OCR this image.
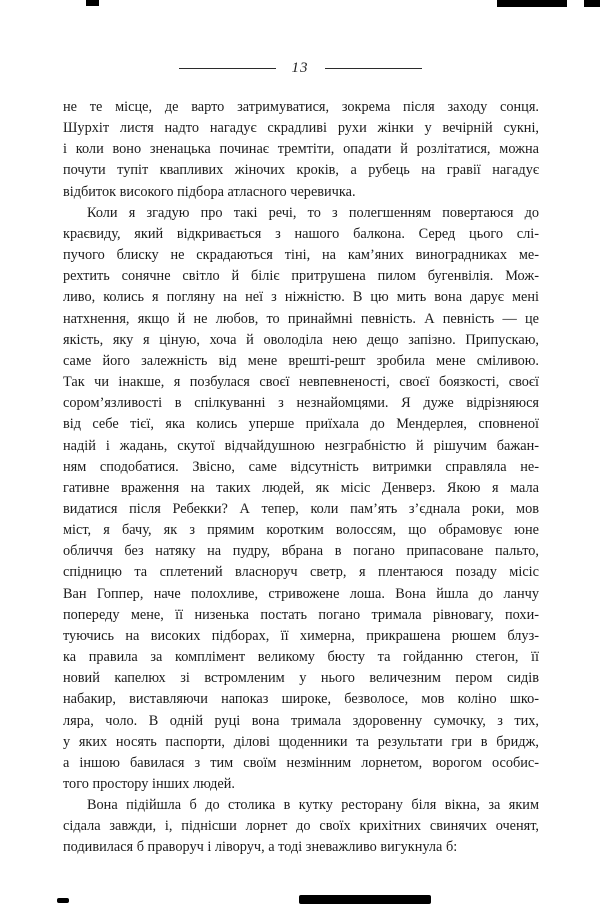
13
не те місце, де варто затримуватися, зокрема після заходу сонця.
Шурхіт листя надто нагадує скрадливі рухи жінки у вечірній сукні,
і коли воно зненацька починає тремтіти, опадати й розлітатися, можна
почути тупіт квапливих жіночих кроків, а рубець на гравії нагадує
відбиток високого підбора атласного черевичка.
Коли я згадую про такі речі, то з полегшенням повертаюся до
краєвиду, який відкривається з нашого балкона. Серед цього слі-
пучого блиску не скрадаються тіні, на кам’яних виноградниках ме-
рехтить сонячне світло й біліє притрушена пилом бугенвілія. Мож-
ливо, колись я погляну на неї з ніжністю. В цю мить вона дарує мені
натхнення, якщо й не любов, то принаймні певність. А певність — це
якість, яку я ціную, хоча й оволоділа нею дещо запізно. Припускаю,
саме його залежність від мене врешті-решт зробила мене сміливою.
Так чи інакше, я позбулася своєї невпевненості, своєї боязкості, своєї
сором’язливості в спілкуванні з незнайомцями. Я дуже відрізняюся
від себе тієї, яка колись уперше приїхала до Мендерлея, сповненої
надій і жадань, скутої відчайдушною незграбністю й рішучим бажан-
ням сподобатися. Звісно, саме відсутність витримки справляла не-
гативне враження на таких людей, як місіс Денверз. Якою я мала
видатися після Ребекки? А тепер, коли пам’ять з’єднала роки, мов
міст, я бачу, як з прямим коротким волоссям, що обрамовує юне
обличчя без натяку на пудру, вбрана в погано припасоване пальто,
спідницю та сплетений власноруч светр, я плентаюся позаду місіс
Ван Гоппер, наче полохливе, стривожене лоша. Вона йшла до ланчу
попереду мене, її низенька постать погано тримала рівновагу, похи-
туючись на високих підборах, її химерна, прикрашена рюшем блуз-
ка правила за комплімент великому бюсту та гойданню стегон, її
новий капелюх зі встромленим у нього величезним пером сидів
набакир, виставляючи напоказ широке, безволосе, мов коліно шко-
ляра, чоло. В одній руці вона тримала здоровенну сумочку, з тих,
у яких носять паспорти, ділові щоденники та результати гри в бридж,
а іншою бавилася з тим своїм незмінним лорнетом, ворогом особис-
того простору інших людей.
Вона підійшла б до столика в кутку ресторану біля вікна, за яким
сідала завжди, і, піднісши лорнет до своїх крихітних свинячих оченят,
подивилася б праворуч і ліворуч, а тоді зневажливо вигукнула б:
